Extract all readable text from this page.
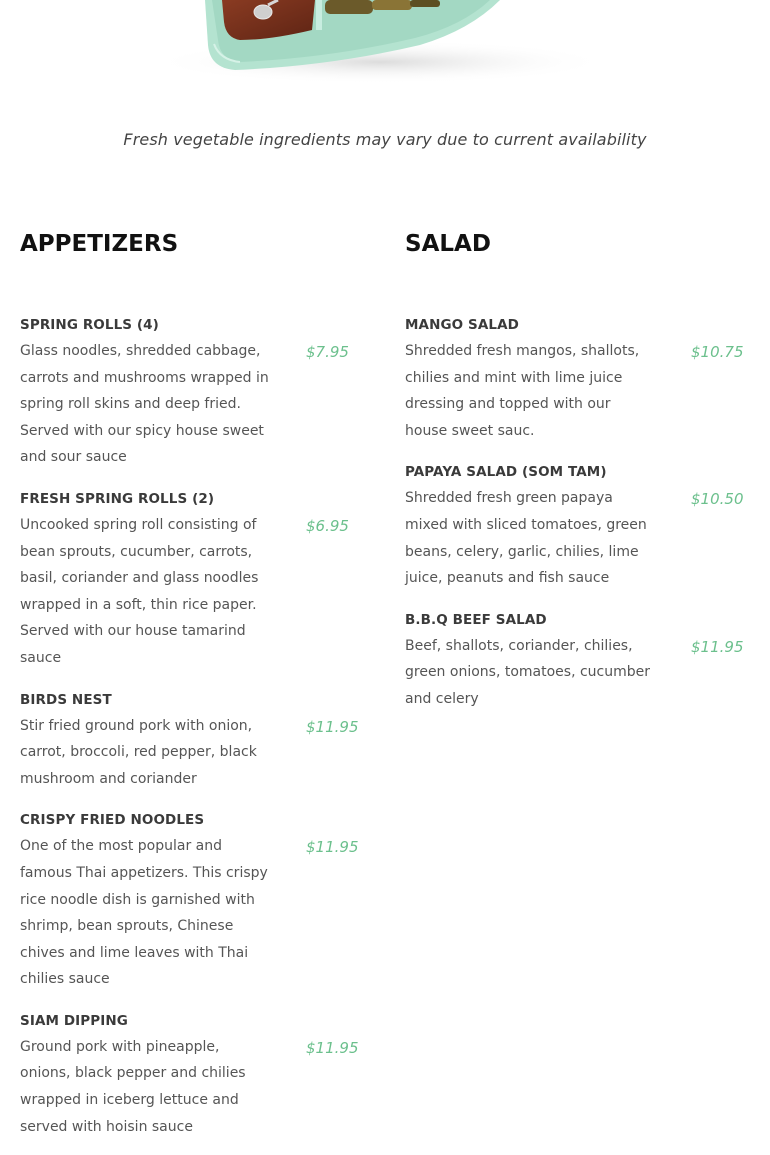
Fresh vegetable ingredients may vary due to current availability
APPETIZERS
SPRING ROLLS (4)
Glass noodles, shredded cabbage, carrots and mushrooms wrapped in spring roll skins and deep fried. Served with our spicy house sweet and sour sauce
$7.95
FRESH SPRING ROLLS (2)
Uncooked spring roll consisting of bean sprouts, cucumber, carrots, basil, coriander and glass noodles wrapped in a soft, thin rice paper. Served with our house tamarind sauce
$6.95
BIRDS NEST
Stir fried ground pork with onion, carrot, broccoli, red pepper, black mushroom and coriander
$11.95
CRISPY FRIED NOODLES
One of the most popular and famous Thai appetizers. This crispy rice noodle dish is garnished with shrimp, bean sprouts, Chinese chives and lime leaves with Thai chilies sauce
$11.95
SIAM DIPPING
Ground pork with pineapple, onions, black pepper and chilies wrapped in iceberg lettuce and served with hoisin sauce
$11.95
SALAD
MANGO SALAD
Shredded fresh mangos, shallots, chilies and mint with lime juice dressing and topped with our house sweet sauc.
$10.75
PAPAYA SALAD (SOM TAM)
Shredded fresh green papaya mixed with sliced tomatoes, green beans, celery, garlic, chilies, lime juice, peanuts and fish sauce
$10.50
B.B.Q BEEF SALAD
Beef, shallots, coriander, chilies, green onions, tomatoes, cucumber and celery
$11.95
